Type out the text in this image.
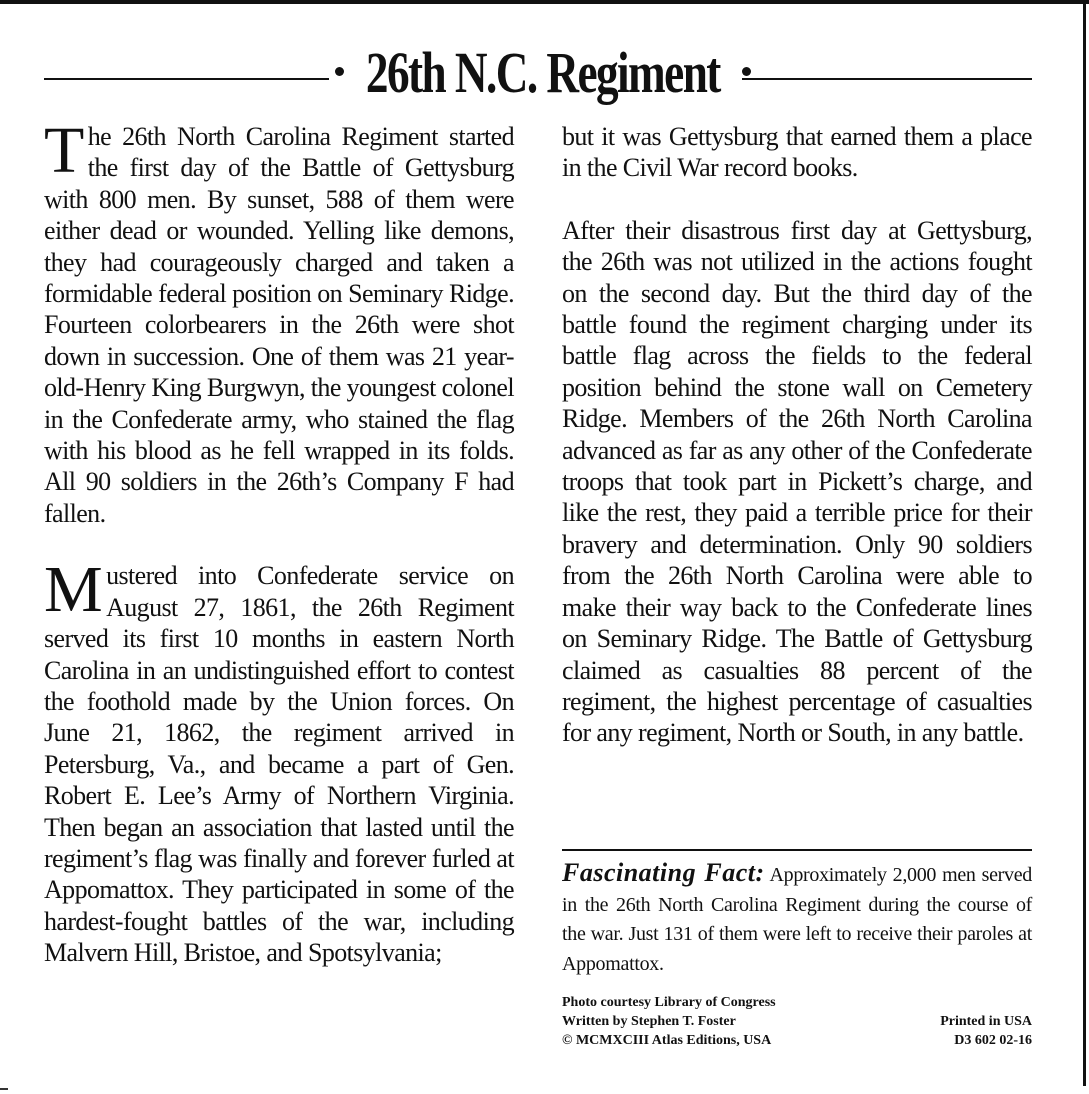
26th N.C. Regiment

The 26th North Carolina Regiment started the first day of the Battle of Gettysburg with 800 men. By sunset, 588 of them were either dead or wounded. Yelling like demons, they had courageously charged and taken a formidable federal position on Seminary Ridge. Fourteen colorbearers in the 26th were shot down in succession. One of them was 21 year-old-Henry King Burgwyn, the youngest colonel in the Confederate army, who stained the flag with his blood as he fell wrapped in its folds. All 90 soldiers in the 26th’s Company F had fallen.

Mustered into Confederate service on August 27, 1861, the 26th Regiment served its first 10 months in eastern North Carolina in an undistinguished effort to contest the foothold made by the Union forces. On June 21, 1862, the regiment arrived in Petersburg, Va., and became a part of Gen. Robert E. Lee’s Army of Northern Virginia. Then began an association that lasted until the regiment’s flag was finally and forever furled at Appomattox. They participated in some of the hardest-fought battles of the war, including Malvern Hill, Bristoe, and Spotsylvania;

but it was Gettysburg that earned them a place in the Civil War record books.

After their disastrous first day at Gettysburg, the 26th was not utilized in the actions fought on the second day. But the third day of the battle found the regiment charging under its battle flag across the fields to the federal position behind the stone wall on Cemetery Ridge. Members of the 26th North Carolina advanced as far as any other of the Confederate troops that took part in Pickett’s charge, and like the rest, they paid a terrible price for their bravery and determination. Only 90 soldiers from the 26th North Carolina were able to make their way back to the Confederate lines on Seminary Ridge. The Battle of Gettysburg claimed as casualties 88 percent of the regiment, the highest percentage of casualties for any regiment, North or South, in any battle.

Fascinating Fact: Approximately 2,000 men served in the 26th North Carolina Regiment during the course of the war. Just 131 of them were left to receive their paroles at Appomattox.
Photo courtesy Library of Congress
Written by Stephen T. Foster
© MCMXCIII Atlas Editions, USA
Printed in USA
D3 602 02-16
